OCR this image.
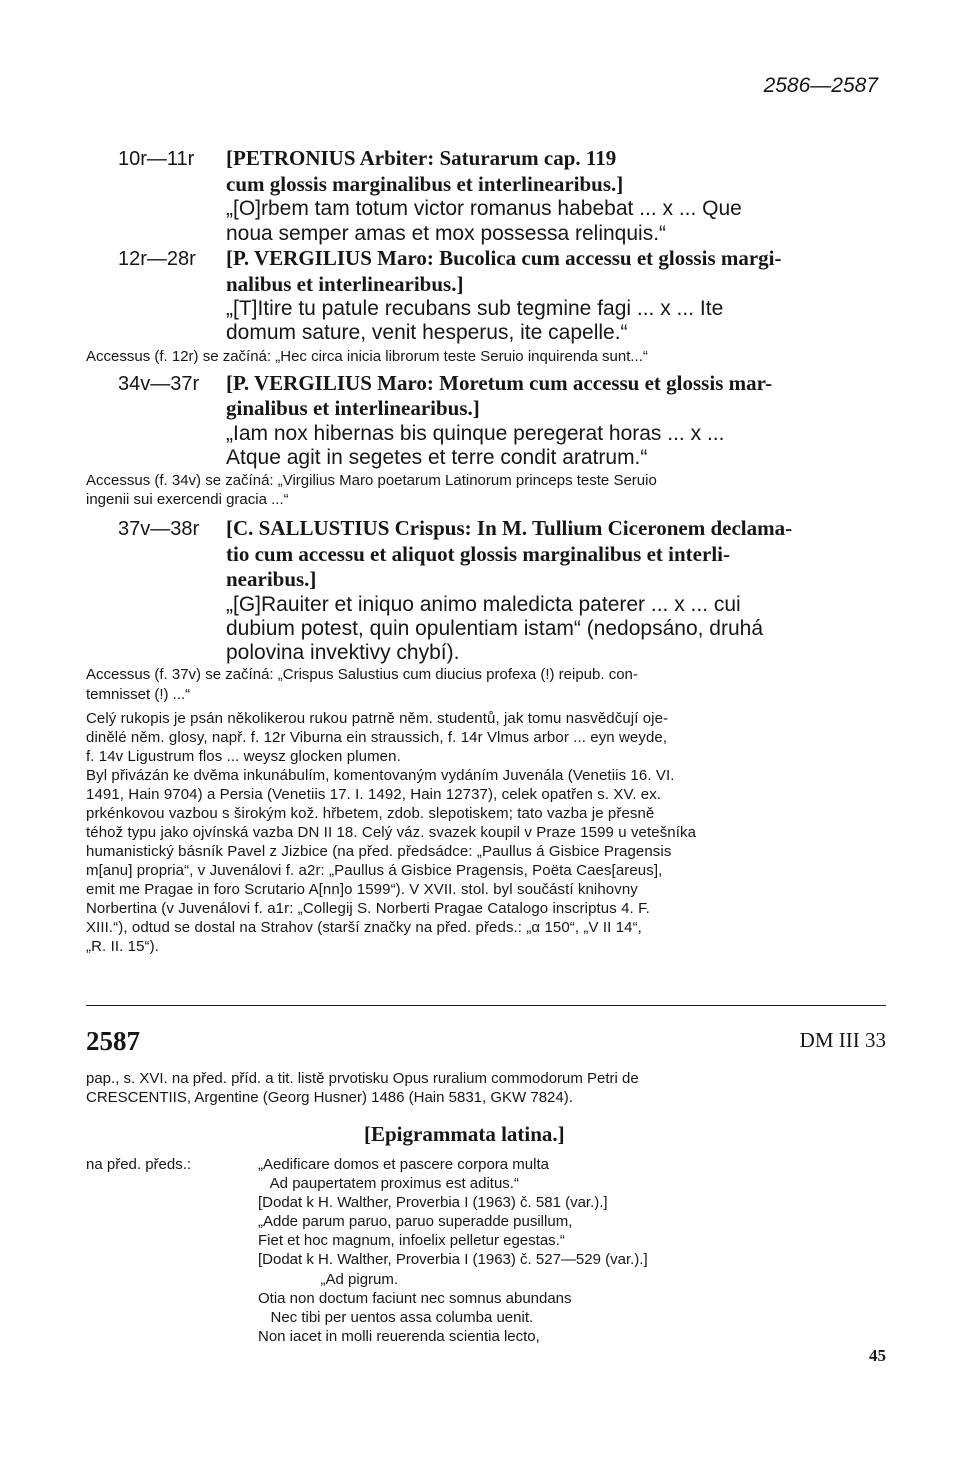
2586—2587
10r—11r [PETRONIUS Arbiter: Saturarum cap. 119
cum glossis marginalibus et interlinearibus.]
„[O]rbem tam totum victor romanus habebat ... x ... Que
noua semper amas et mox possessa relinquis.“
12r—28r [P. VERGILIUS Maro: Bucolica cum accessu et glossis margi-
nalibus et interlinearibus.]
„[T]Itire tu patule recubans sub tegmine fagi ... x ... Ite
domum sature, venit hesperus, ite capelle.“
Accessus (f. 12r) se začíná: „Hec circa inicia librorum teste Seruio inquirenda sunt...“
34v—37r [P. VERGILIUS Maro: Moretum cum accessu et glossis mar-
ginalibus et interlinearibus.]
„Iam nox hibernas bis quinque peregerat horas ... x ...
Atque agit in segetes et terre condit aratrum.“
Accessus (f. 34v) se začíná: „Virgilius Maro poetarum Latinorum princeps teste Seruio
ingenii sui exercendi gracia ...“
37v—38r [C. SALLUSTIUS Crispus: In M. Tullium Ciceronem declama-
tio cum accessu et aliquot glossis marginalibus et interli-
nearibus.]
„[G]Rauiter et iniquo animo maledicta paterer ... x ... cui
dubium potest, quin opulentiam istam“ (nedopsáno, druhá
polovina invektivy chybí).
Accessus (f. 37v) se začíná: „Crispus Salustius cum diucius profexa (!) reipub. con-
temnisset (!) ...“
Celý rukopis je psán několikerou rukou patrně něm. studentů, jak tomu nasvědčují oje-
dinělé něm. glosy, např. f. 12r Viburna ein straussich, f. 14r Vlmus arbor ... eyn weyde,
f. 14v Ligustrum flos ... weysz glocken plumen.
Byl přivázán ke dvěma inkunábulím, komentovaným vydáním Juvenála (Venetiis 16. VI.
1491, Hain 9704) a Persia (Venetiis 17. I. 1492, Hain 12737), celek opatřen s. XV. ex.
prkénkovou vazbou s širokým kož. hřbetem, zdob. slepotiskem; tato vazba je přesně
téhož typu jako ojvínská vazba DN II 18. Celý váz. svazek koupil v Praze 1599 u vetešníka
humanistický básník Pavel z Jizbice (na před. předsádce: „Paullus á Gisbice Pragensis
m[anu] propria“, v Juvenálovi f. a2r: „Paullus á Gisbice Pragensis, Poëta Caes[areus],
emit me Pragae in foro Scrutario A[nn]o 1599“). V XVII. stol. byl součástí knihovny
Norbertina (v Juvenálovi f. a1r: „Collegij S. Norberti Pragae Catalogo inscriptus 4. F.
XIII.“), odtud se dostal na Strahov (starší značky na před. předs.: „α 150“, „V II 14“,
„R. II. 15“).
2587	DM III 33
pap., s. XVI. na před. příd. a tit. listě prvotisku Opus ruralium commodorum Petri de
CRESCENTIIS, Argentine (Georg Husner) 1486 (Hain 5831, GKW 7824).
[Epigrammata latina.]
na před. předs.:	„Aedificare domos et pascere corpora multa
Ad paupertatem proximus est aditus.“
[Dodat k H. Walther, Proverbia I (1963) č. 581 (var.).]
„Adde parum paruo, paruo superadde pusillum,
Fiet et hoc magnum, infoelix pelletur egestas.“
[Dodat k H. Walther, Proverbia I (1963) č. 527—529 (var.).]
„Ad pigrum.
Otia non doctum faciunt nec somnus abundans
Nec tibi per uentos assa columba uenit.
Non iacet in molli reuerenda scientia lecto,
45
